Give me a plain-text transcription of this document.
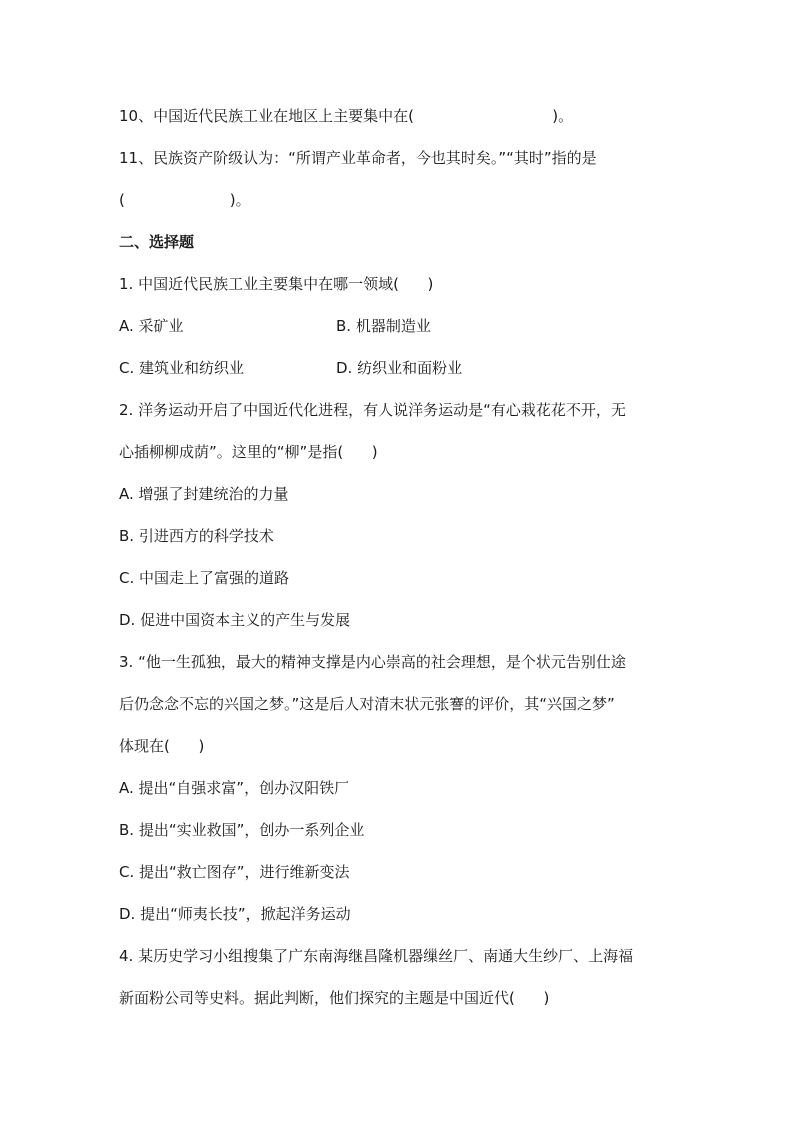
10、中国近代民族工业在地区上主要集中在(                             )。
11、民族资产阶级认为：“所谓产业革命者，今也其时矣。”“其时”指的是
(                      )。
二、选择题
1. 中国近代民族工业主要集中在哪一领域(      )
A. 采矿业	B. 机器制造业
C. 建筑业和纺织业	D. 纺织业和面粉业
2. 洋务运动开启了中国近代化进程，有人说洋务运动是“有心栽花花不开，无
心插柳柳成荫”。这里的“柳”是指(      )
A. 增强了封建统治的力量
B. 引进西方的科学技术
C. 中国走上了富强的道路
D. 促进中国资本主义的产生与发展
3. “他一生孤独，最大的精神支撑是内心崇高的社会理想，是个状元告别仕途
后仍念念不忘的兴国之梦。”这是后人对清末状元张謇的评价，其“兴国之梦”
体现在(      )
A. 提出“自强求富”，创办汉阳铁厂
B. 提出“实业救国”，创办一系列企业
C. 提出“救亡图存”，进行维新变法
D. 提出“师夷长技”，掀起洋务运动
4. 某历史学习小组搜集了广东南海继昌隆机器缫丝厂、南通大生纱厂、上海福
新面粉公司等史料。据此判断，他们探究的主题是中国近代(      )
